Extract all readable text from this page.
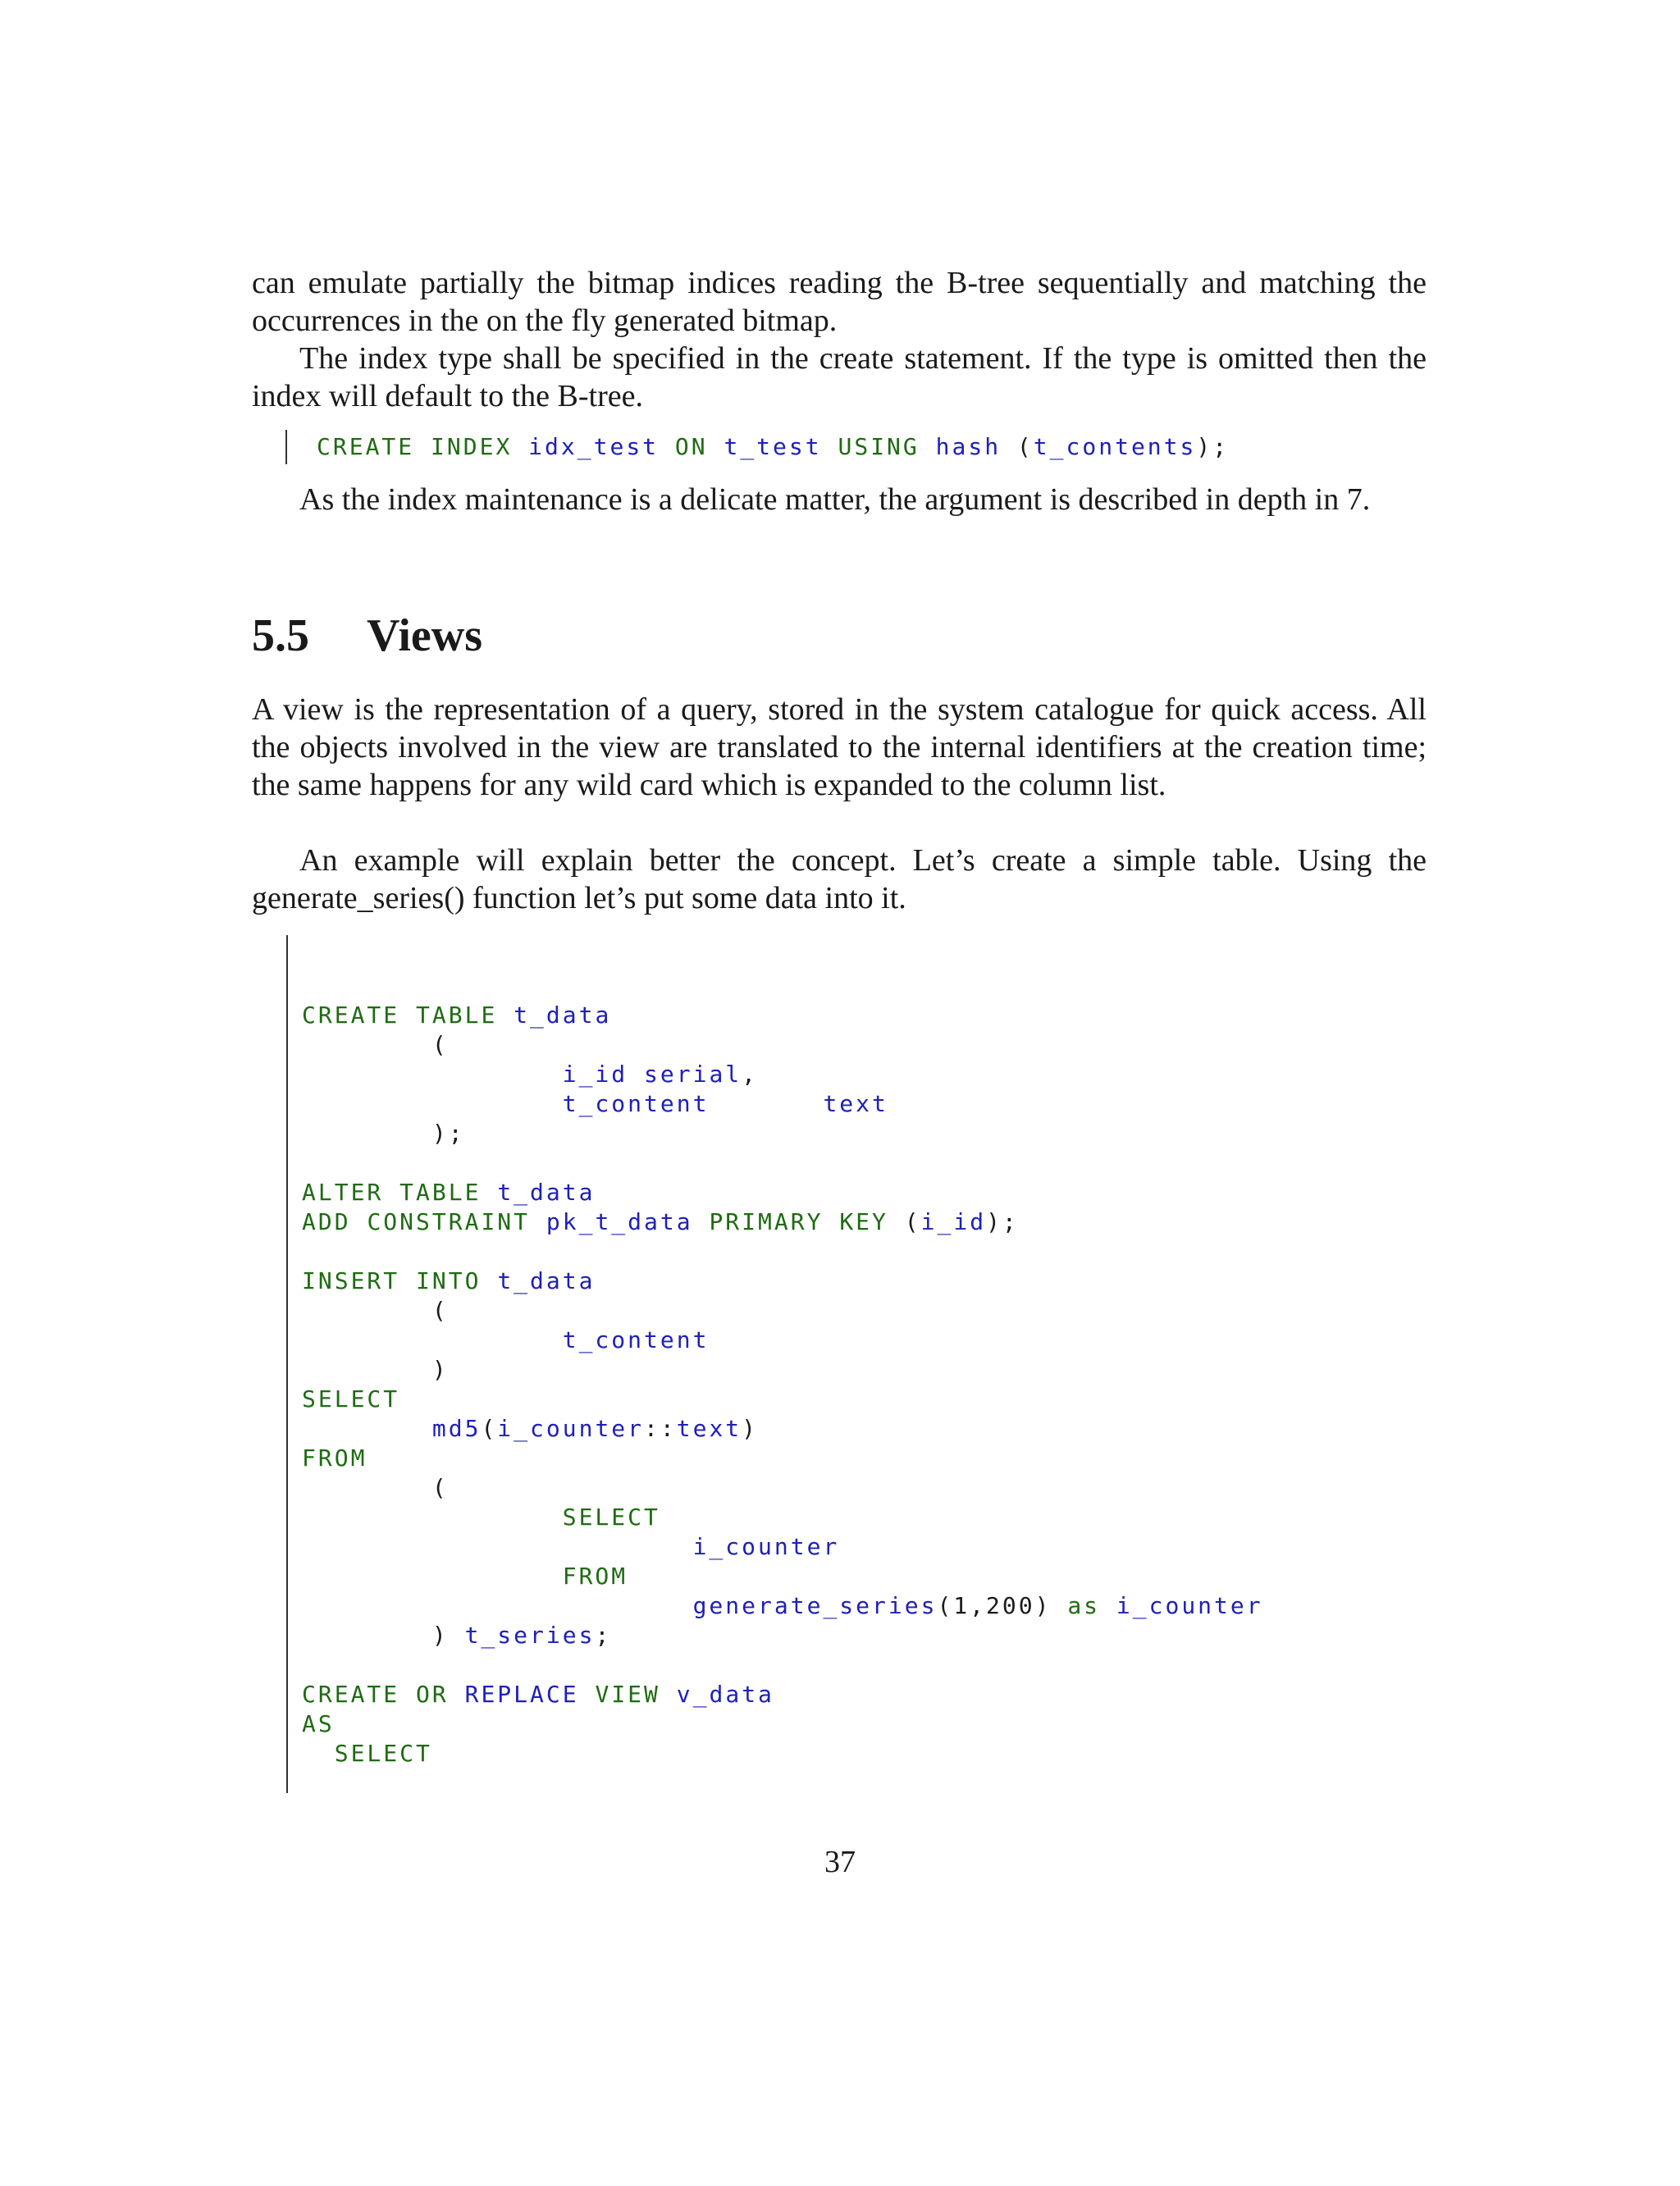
can emulate partially the bitmap indices reading the B-tree sequentially and matching the occurrences in the on the fly generated bitmap.

The index type shall be specified in the create statement. If the type is omitted then the index will default to the B-tree.

CREATE INDEX idx_test ON t_test USING hash (t_contents);

As the index maintenance is a delicate matter, the argument is described in depth in 7.

5.5 Views

A view is the representation of a query, stored in the system catalogue for quick access. All the objects involved in the view are translated to the internal identifiers at the creation time; the same happens for any wild card which is expanded to the column list.

An example will explain better the concept. Let’s create a simple table. Using the generate_series() function let’s put some data into it.

CREATE TABLE t_data
(
i_id serial,
t_content	text
);
ALTER TABLE t_data
ADD CONSTRAINT pk_t_data PRIMARY KEY (i_id);
INSERT INTO t_data
(
t_content
)
SELECT
md5(i_counter::text)
FROM
(
SELECT
i_counter
FROM
generate_series(1,200) as i_counter
) t_series;
CREATE OR REPLACE VIEW v_data
AS
SELECT
37
